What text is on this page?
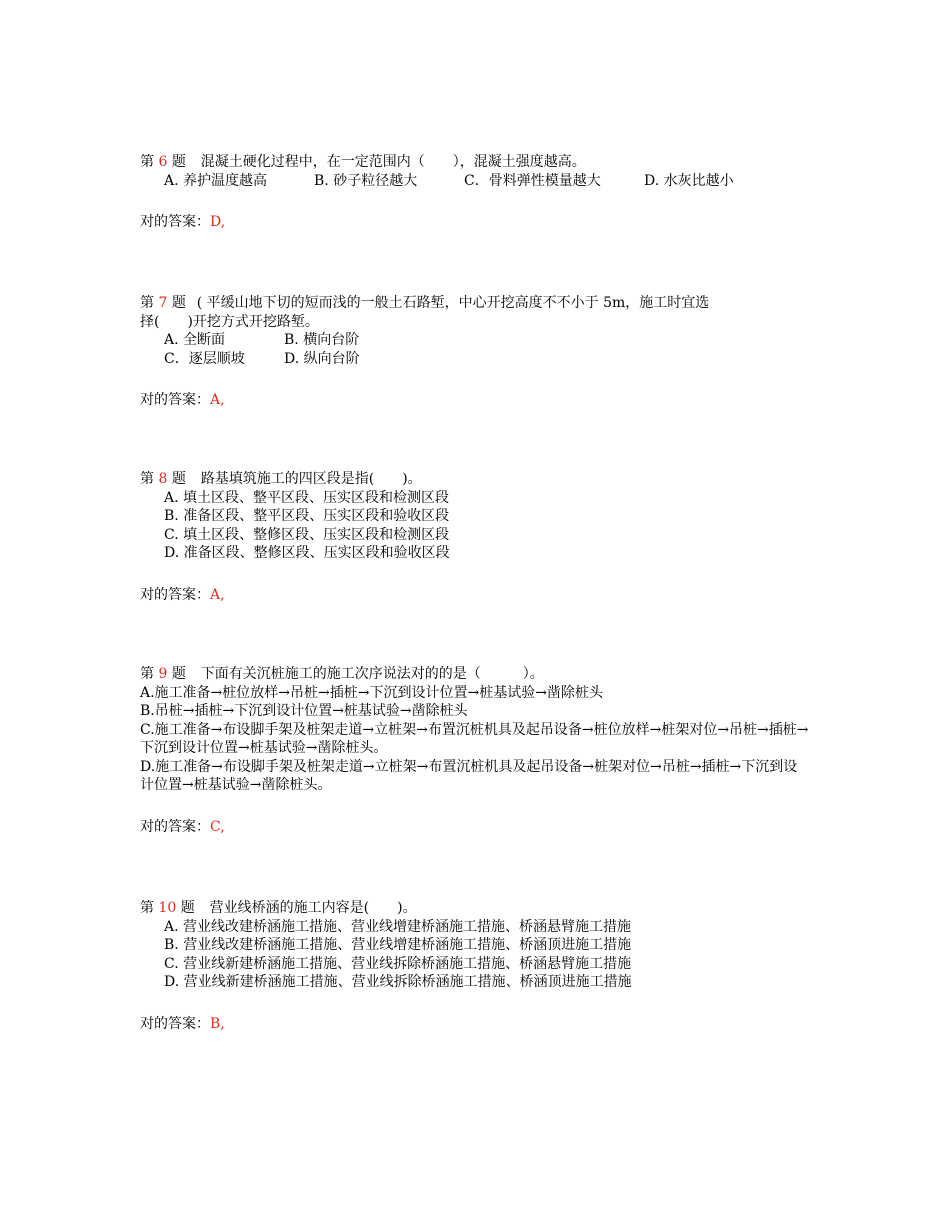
第 6 题 混凝土硬化过程中，在一定范围内（　　），混凝土强度越高。
A. 养护温度越高	B. 砂子粒径越大	C．骨料弹性模量越大	D. 水灰比越小
对的答案：D,
第 7 题 ( 平缓山地下切的短而浅的一般土石路堑，中心开挖高度不不小于 5m，施工时宜选
择(　　)开挖方式开挖路堑。
A. 全断面	B. 横向台阶
C．逐层顺坡	D. 纵向台阶
对的答案：A,
第 8 题 路基填筑施工的四区段是指(　　)。
A. 填土区段、整平区段、压实区段和检测区段
B. 准备区段、整平区段、压实区段和验收区段
C. 填土区段、整修区段、压实区段和检测区段
D. 准备区段、整修区段、压实区段和验收区段
对的答案：A,
第 9 题 下面有关沉桩施工的施工次序说法对的的是（　　　）。
A.施工准备→桩位放样→吊桩→插桩→下沉到设计位置→桩基试验→凿除桩头
B.吊桩→插桩→下沉到设计位置→桩基试验→凿除桩头
C.施工准备→布设脚手架及桩架走道→立桩架→布置沉桩机具及起吊设备→桩位放样→桩架对位→吊桩→插桩→下沉到设计位置→桩基试验→凿除桩头。
D.施工准备→布设脚手架及桩架走道→立桩架→布置沉桩机具及起吊设备→桩架对位→吊桩→插桩→下沉到设计位置→桩基试验→凿除桩头。
对的答案：C,
第 10 题 营业线桥涵的施工内容是(　　)。
A. 营业线改建桥涵施工措施、营业线增建桥涵施工措施、桥涵悬臂施工措施
B. 营业线改建桥涵施工措施、营业线增建桥涵施工措施、桥涵顶进施工措施
C. 营业线新建桥涵施工措施、营业线拆除桥涵施工措施、桥涵悬臂施工措施
D. 营业线新建桥涵施工措施、营业线拆除桥涵施工措施、桥涵顶进施工措施
对的答案：B,
